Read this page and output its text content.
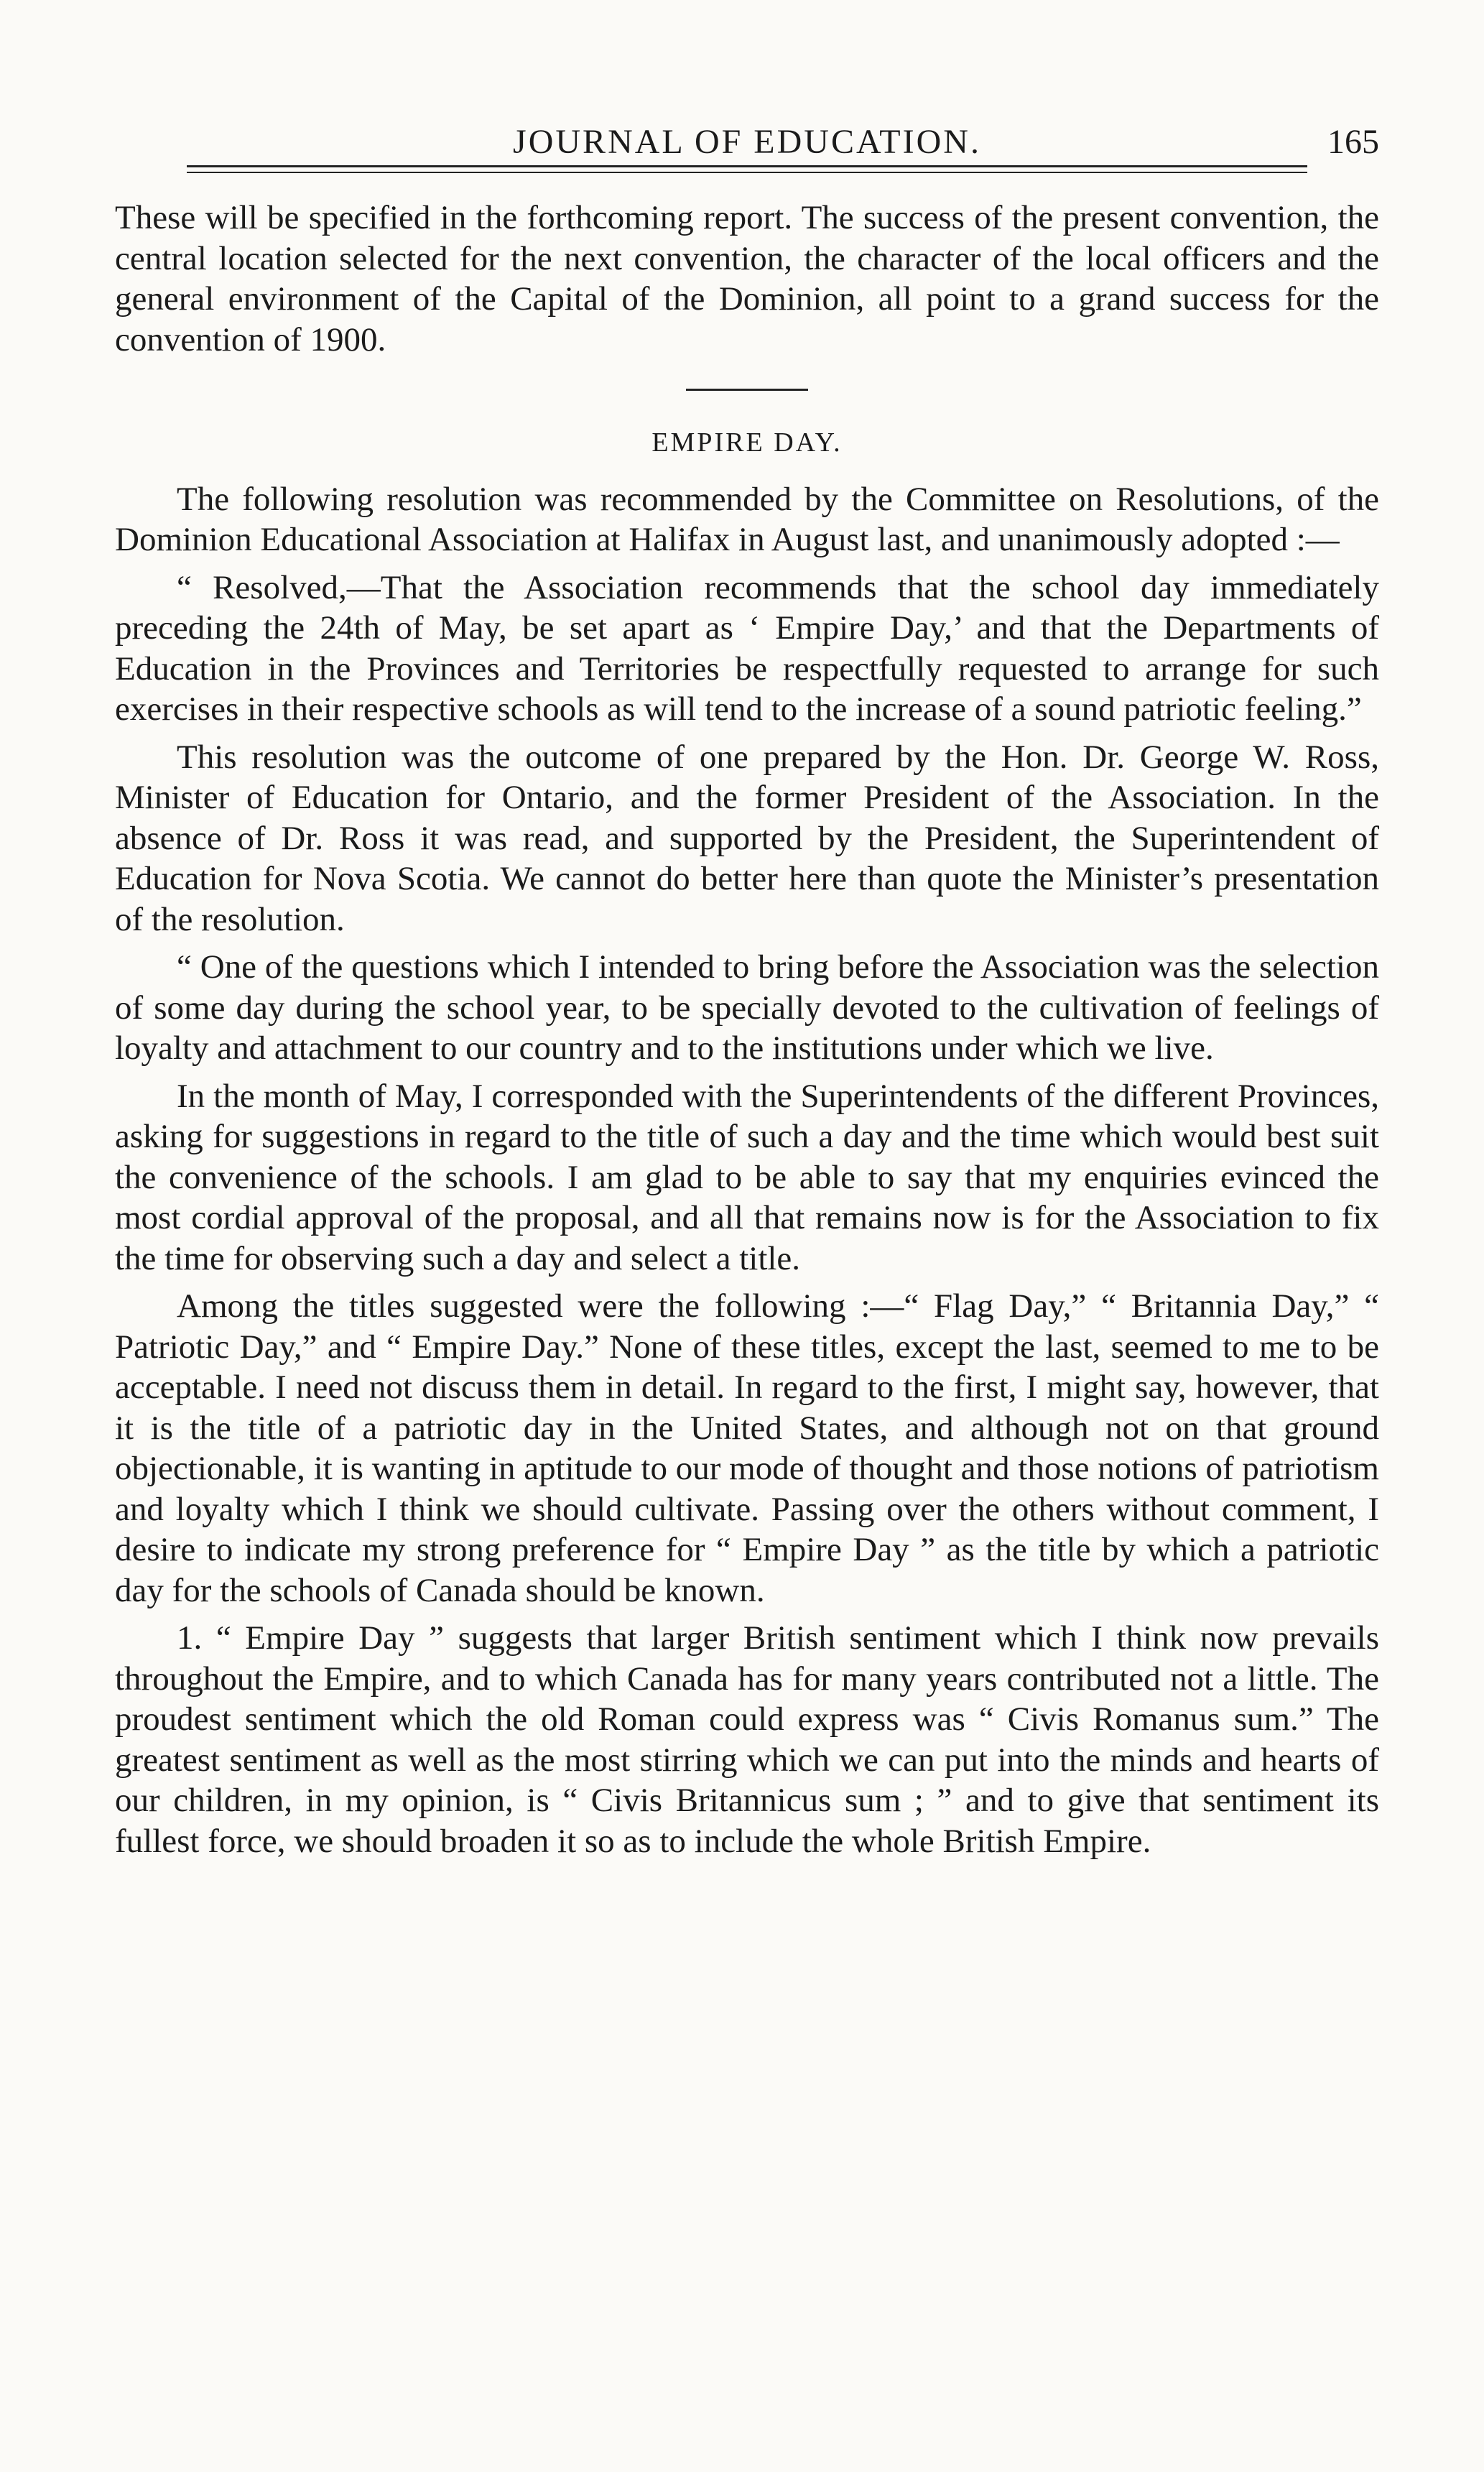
JOURNAL OF EDUCATION.	165

These will be specified in the forthcoming report. The success of the present convention, the central location selected for the next convention, the character of the local officers and the general environment of the Capital of the Dominion, all point to a grand success for the convention of 1900.

EMPIRE DAY.

The following resolution was recommended by the Committee on Resolutions, of the Dominion Educational Association at Halifax in August last, and unanimously adopted :—

“ Resolved,—That the Association recommends that the school day immediately preceding the 24th of May, be set apart as ‘ Empire Day,’ and that the Departments of Education in the Provinces and Territories be respectfully requested to arrange for such exercises in their respective schools as will tend to the increase of a sound patriotic feeling.”

This resolution was the outcome of one prepared by the Hon. Dr. George W. Ross, Minister of Education for Ontario, and the former President of the Association. In the absence of Dr. Ross it was read, and supported by the President, the Superintendent of Education for Nova Scotia. We cannot do better here than quote the Minister’s presentation of the resolution.

“ One of the questions which I intended to bring before the Association was the selection of some day during the school year, to be specially devoted to the cultivation of feelings of loyalty and attachment to our country and to the institutions under which we live.

In the month of May, I corresponded with the Superintendents of the different Provinces, asking for suggestions in regard to the title of such a day and the time which would best suit the convenience of the schools. I am glad to be able to say that my enquiries evinced the most cordial approval of the proposal, and all that remains now is for the Association to fix the time for observing such a day and select a title.

Among the titles suggested were the following :—“ Flag Day,” “ Britannia Day,” “ Patriotic Day,” and “ Empire Day.” None of these titles, except the last, seemed to me to be acceptable. I need not discuss them in detail. In regard to the first, I might say, however, that it is the title of a patriotic day in the United States, and although not on that ground objectionable, it is wanting in aptitude to our mode of thought and those notions of patriotism and loyalty which I think we should cultivate. Passing over the others without comment, I desire to indicate my strong preference for “ Empire Day ” as the title by which a patriotic day for the schools of Canada should be known.

1. “ Empire Day ” suggests that larger British sentiment which I think now prevails throughout the Empire, and to which Canada has for many years contributed not a little. The proudest sentiment which the old Roman could express was “ Civis Romanus sum.” The greatest sentiment as well as the most stirring which we can put into the minds and hearts of our children, in my opinion, is “ Civis Britannicus sum ; ” and to give that sentiment its fullest force, we should broaden it so as to include the whole British Empire.
